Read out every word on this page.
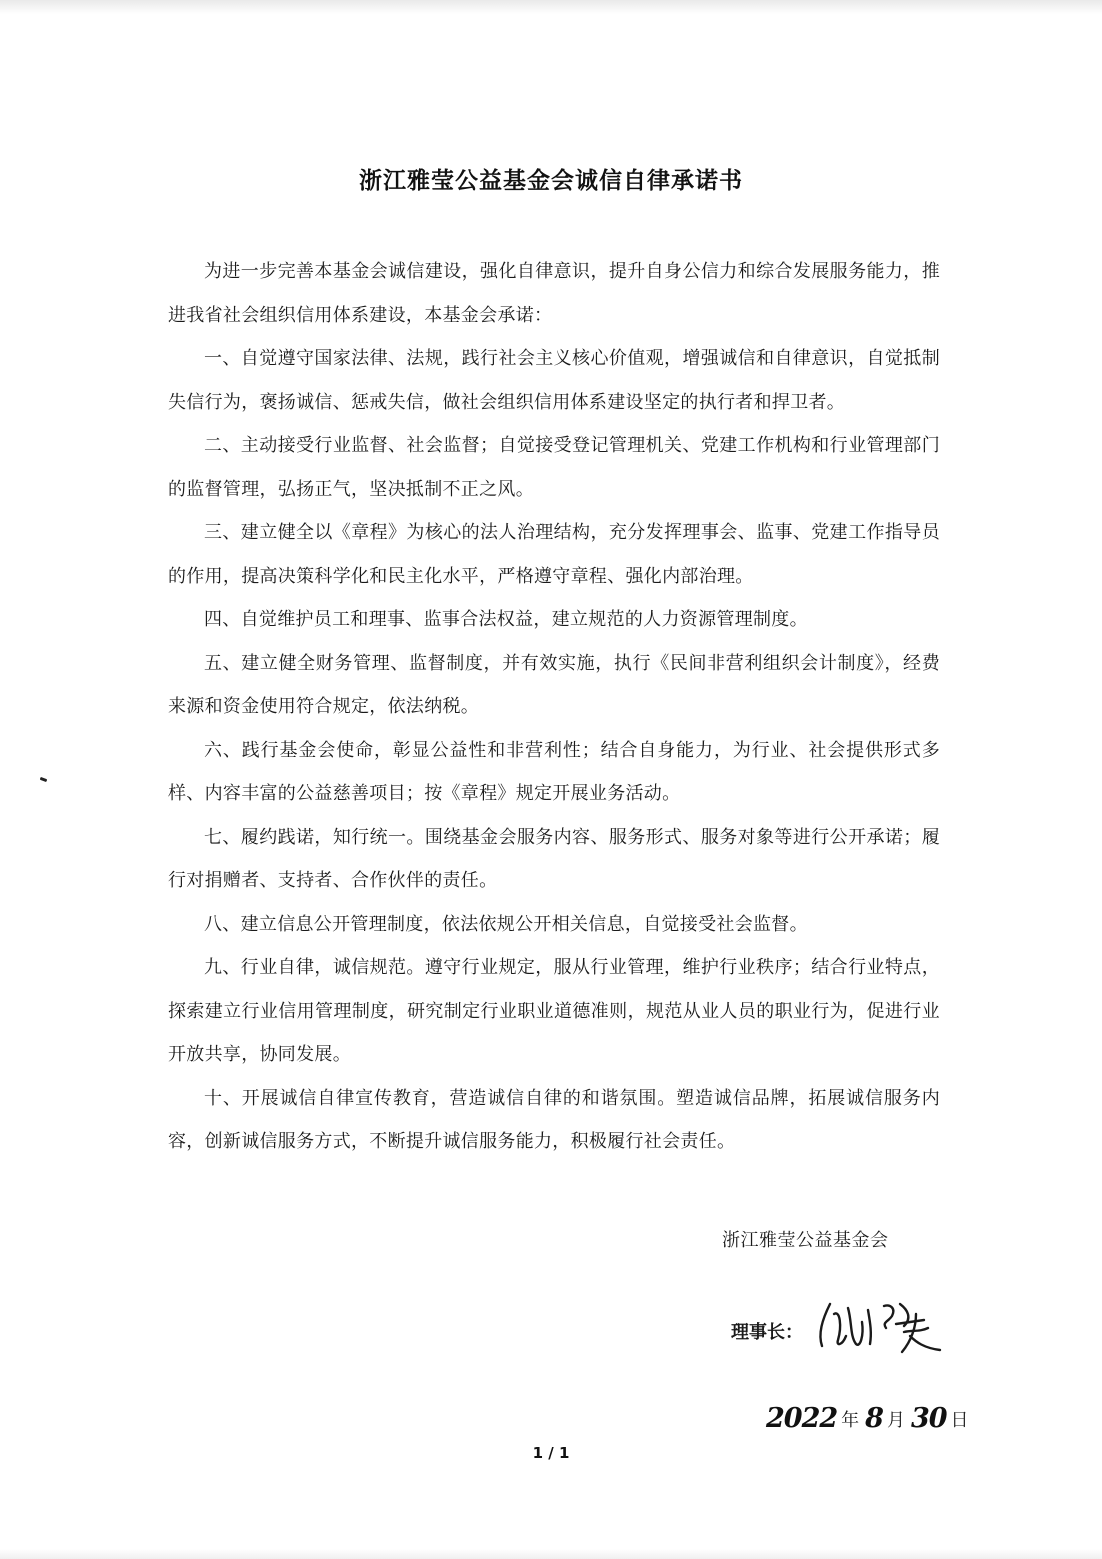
浙江雅莹公益基金会诚信自律承诺书

为进一步完善本基金会诚信建设，强化自律意识，提升自身公信力和综合发展服务能力，推进我省社会组织信用体系建设，本基金会承诺：

一、自觉遵守国家法律、法规，践行社会主义核心价值观，增强诚信和自律意识，自觉抵制失信行为，褒扬诚信、惩戒失信，做社会组织信用体系建设坚定的执行者和捍卫者。

二、主动接受行业监督、社会监督；自觉接受登记管理机关、党建工作机构和行业管理部门的监督管理，弘扬正气，坚决抵制不正之风。

三、建立健全以《章程》为核心的法人治理结构，充分发挥理事会、监事、党建工作指导员的作用，提高决策科学化和民主化水平，严格遵守章程、强化内部治理。

四、自觉维护员工和理事、监事合法权益，建立规范的人力资源管理制度。

五、建立健全财务管理、监督制度，并有效实施，执行《民间非营利组织会计制度》，经费来源和资金使用符合规定，依法纳税。

六、践行基金会使命，彰显公益性和非营利性；结合自身能力，为行业、社会提供形式多样、内容丰富的公益慈善项目；按《章程》规定开展业务活动。

七、履约践诺，知行统一。围绕基金会服务内容、服务形式、服务对象等进行公开承诺；履行对捐赠者、支持者、合作伙伴的责任。

八、建立信息公开管理制度，依法依规公开相关信息，自觉接受社会监督。

九、行业自律，诚信规范。遵守行业规定，服从行业管理，维护行业秩序；结合行业特点，探索建立行业信用管理制度，研究制定行业职业道德准则，规范从业人员的职业行为，促进行业开放共享，协同发展。

十、开展诚信自律宣传教育，营造诚信自律的和谐氛围。塑造诚信品牌，拓展诚信服务内容，创新诚信服务方式，不断提升诚信服务能力，积极履行社会责任。

浙江雅莹公益基金会
理事长：
2022 年 8 月 30 日
1 / 1
